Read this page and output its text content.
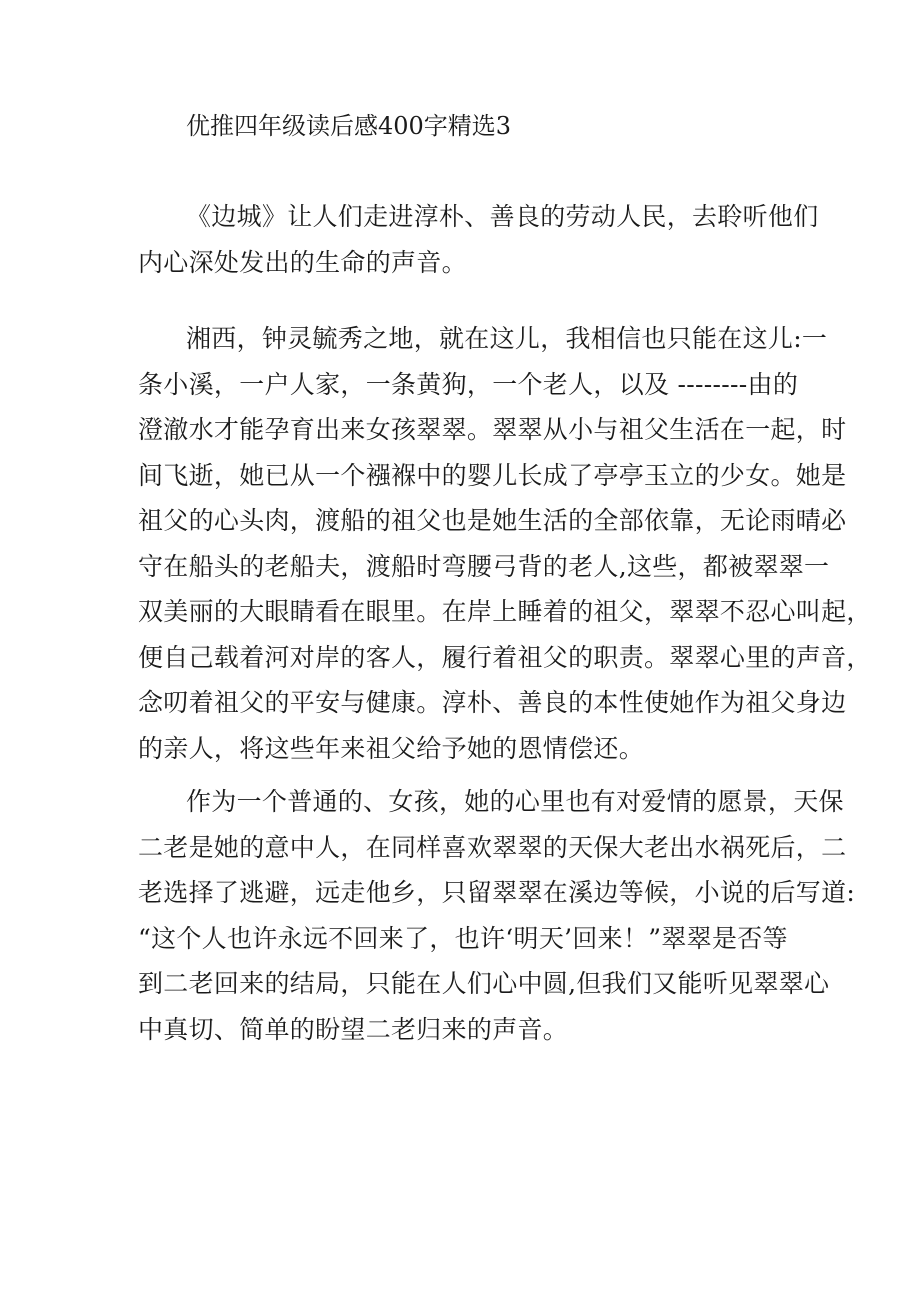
优推四年级读后感400字精选3
《边城》让人们走进淳朴、善良的劳动人民，去聆听他们
内心深处发出的生命的声音。
湘西，钟灵毓秀之地，就在这儿，我相信也只能在这儿:一
条小溪，一户人家，一条黄狗，一个老人，以及 --------由的
澄澈水才能孕育出来女孩翠翠。翠翠从小与祖父生活在一起，时
间飞逝，她已从一个襁褓中的婴儿长成了亭亭玉立的少女。她是
祖父的心头肉，渡船的祖父也是她生活的全部依靠，无论雨晴必
守在船头的老船夫，渡船时弯腰弓背的老人,这些，都被翠翠一
双美丽的大眼睛看在眼里。在岸上睡着的祖父，翠翠不忍心叫起，
便自己载着河对岸的客人，履行着祖父的职责。翠翠心里的声音，
念叨着祖父的平安与健康。淳朴、善良的本性使她作为祖父身边
的亲人，将这些年来祖父给予她的恩情偿还。
作为一个普通的、女孩，她的心里也有对爱情的愿景，天保
二老是她的意中人，在同样喜欢翠翠的天保大老出水祸死后，二
老选择了逃避，远走他乡，只留翠翠在溪边等候，小说的后写道:
“这个人也许永远不回来了，也许‘明天’回来！”翠翠是否等
到二老回来的结局，只能在人们心中圆,但我们又能听见翠翠心
中真切、简单的盼望二老归来的声音。
